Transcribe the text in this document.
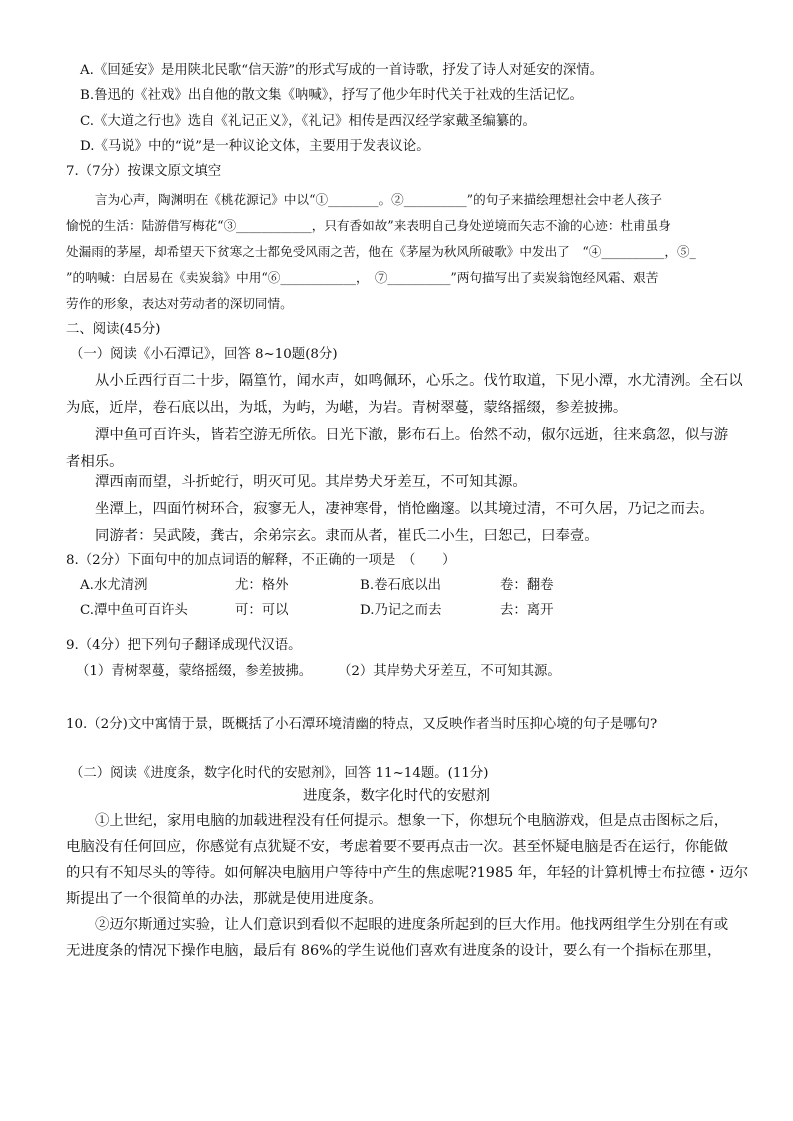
A.《回延安》是用陕北民歌“信天游”的形式写成的一首诗歌，抒发了诗人对延安的深情。
B.鲁迅的《社戏》出自他的散文集《呐喊》，抒写了他少年时代关于社戏的生活记忆。
C.《大道之行也》选自《礼记正义》，《礼记》相传是西汉经学家戴圣编纂的。
D.《马说》中的“说”是一种议论文体，主要用于发表议论。
7.（7分）按课文原文填空
言为心声，陶渊明在《桃花源记》中以“①________。②__________”的句子来描绘理想社会中老人孩子
愉悦的生活：陆游借写梅花“③____________，只有香如故”来表明自己身处逆境而矢志不渝的心迹：杜甫虽身
处漏雨的茅屋，却希望天下贫寒之士都免受风雨之苦，他在《茅屋为秋风所破歌》中发出了　“④__________，⑤_
”的呐喊：白居易在《卖炭翁》中用“⑥____________，　⑦__________”两句描写出了卖炭翁饱经风霜、艰苦
劳作的形象，表达对劳动者的深切同情。
二、阅读(45分)
（一）阅读《小石潭记》，回答 8~10题(8分)
从小丘西行百二十步，隔篁竹，闻水声，如鸣佩环，心乐之。伐竹取道，下见小潭，水尤清洌。全石以
为底，近岸，卷石底以出，为坻，为屿，为嵁，为岩。青树翠蔓，蒙络摇缀，参差披拂。
潭中鱼可百许头，皆若空游无所依。日光下澈，影布石上。佁然不动，俶尔远逝，往来翕忽，似与游
者相乐。
潭西南而望，斗折蛇行，明灭可见。其岸势犬牙差互，不可知其源。
坐潭上，四面竹树环合，寂寥无人，凄神寒骨，悄怆幽邃。以其境过清，不可久居，乃记之而去。
同游者：吴武陵，龚古，余弟宗玄。隶而从者，崔氏二小生，曰恕己，曰奉壹。
8.（2分）下面句中的加点词语的解释，不正确的一项是　（　　）
A.水尤清洌	尤：格外	B.卷石底以出	卷：翻卷
C.潭中鱼可百许头	可：可以	D.乃记之而去	去：离开
9.（4分）把下列句子翻译成现代汉语。
（1）青树翠蔓，蒙络摇缀，参差披拂。 （2）其岸势犬牙差互，不可知其源。
10.（2分)文中寓情于景，既概括了小石潭环境清幽的特点，又反映作者当时压抑心境的句子是哪句?
（二）阅读《进度条，数字化时代的安慰剂》，回答 11~14题。(11分)
进度条，数字化时代的安慰剂
①上世纪，家用电脑的加载进程没有任何提示。想象一下，你想玩个电脑游戏，但是点击图标之后，
电脑没有任何回应，你感觉有点犹疑不安，考虑着要不要再点击一次。甚至怀疑电脑是否在运行，你能做
的只有不知尽头的等待。如何解决电脑用户等待中产生的焦虑呢?1985 年，年轻的计算机博士布拉德・迈尔
斯提出了一个很简单的办法，那就是使用进度条。
②迈尔斯通过实验，让人们意识到看似不起眼的进度条所起到的巨大作用。他找两组学生分别在有或
无进度条的情况下操作电脑，最后有 86%的学生说他们喜欢有进度条的设计，要么有一个指标在那里，
